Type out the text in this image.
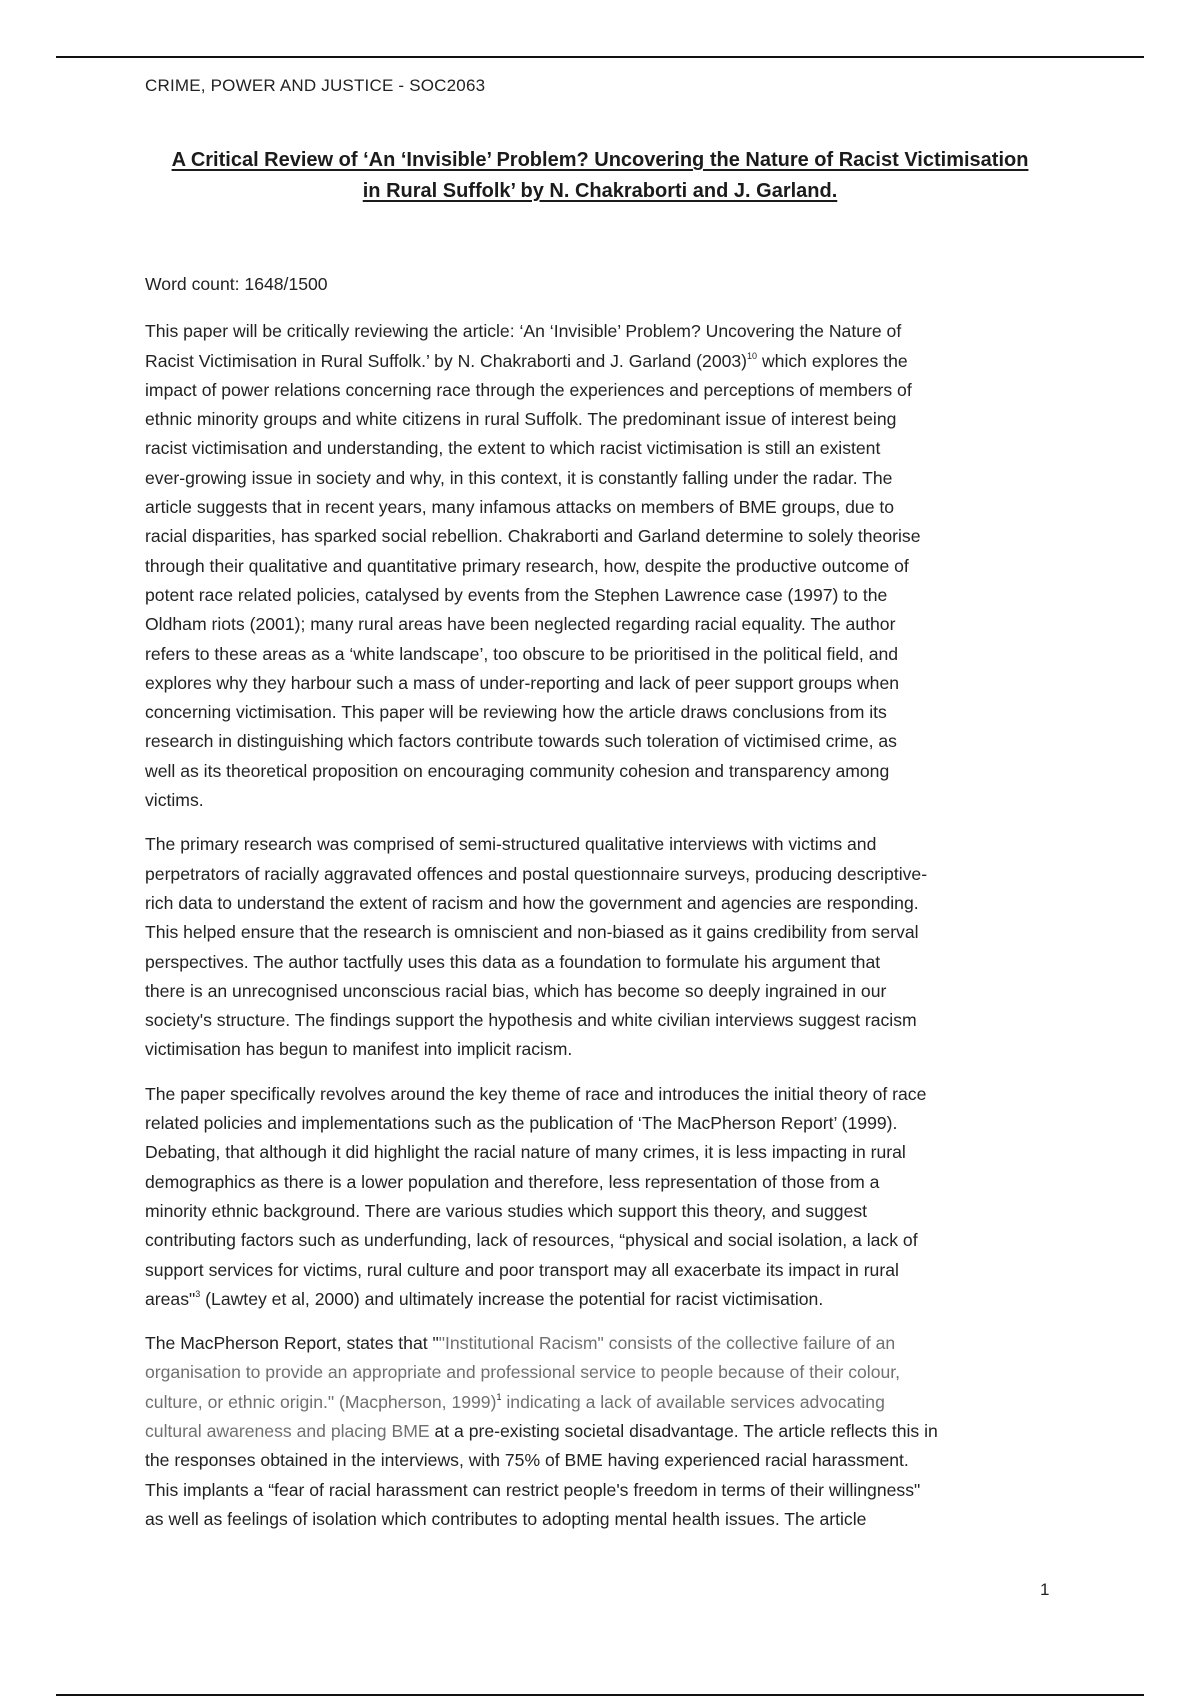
CRIME, POWER AND JUSTICE - SOC2063
A Critical Review of ‘An ‘Invisible’ Problem? Uncovering the Nature of Racist Victimisation
in Rural Suffolk’ by N. Chakraborti and J. Garland.

Word count: 1648/1500

This paper will be critically reviewing the article: ‘An ‘Invisible’ Problem? Uncovering the Nature of
Racist Victimisation in Rural Suffolk.’ by N. Chakraborti and J. Garland $(2003)^{10}$ which explores the
impact of power relations concerning race through the experiences and perceptions of members of
ethnic minority groups and white citizens in rural Suffolk. The predominant issue of interest being
racist victimisation and understanding, the extent to which racist victimisation is still an existent
ever-growing issue in society and why, in this context, it is constantly falling under the radar. The
article suggests that in recent years, many infamous attacks on members of BME groups, due to
racial disparities, has sparked social rebellion. Chakraborti and Garland determine to solely theorise
through their qualitative and quantitative primary research, how, despite the productive outcome of
potent race related policies, catalysed by events from the Stephen Lawrence case (1997) to the
Oldham riots (2001); many rural areas have been neglected regarding racial equality. The author
refers to these areas as a ‘white landscape’, too obscure to be prioritised in the political field, and
explores why they harbour such a mass of under-reporting and lack of peer support groups when
concerning victimisation. This paper will be reviewing how the article draws conclusions from its
research in distinguishing which factors contribute towards such toleration of victimised crime, as
well as its theoretical proposition on encouraging community cohesion and transparency among
victims.

The primary research was comprised of semi-structured qualitative interviews with victims and
perpetrators of racially aggravated offences and postal questionnaire surveys, producing descriptive-
rich data to understand the extent of racism and how the government and agencies are responding.
This helped ensure that the research is omniscient and non-biased as it gains credibility from serval
perspectives. The author tactfully uses this data as a foundation to formulate his argument that
there is an unrecognised unconscious racial bias, which has become so deeply ingrained in our
society's structure. The findings support the hypothesis and white civilian interviews suggest racism
victimisation has begun to manifest into implicit racism.

The paper specifically revolves around the key theme of race and introduces the initial theory of race
related policies and implementations such as the publication of ‘The MacPherson Report’ (1999).
Debating, that although it did highlight the racial nature of many crimes, it is less impacting in rural
demographics as there is a lower population and therefore, less representation of those from a
minority ethnic background. There are various studies which support this theory, and suggest
contributing factors such as underfunding, lack of resources, “physical and social isolation, a lack of
support services for victims, rural culture and poor transport may all exacerbate its impact in rural
areas"$^3$ (Lawtey et al, 2000) and ultimately increase the potential for racist victimisation.

The MacPherson Report, states that ""Institutional Racism" consists of the collective failure of an
organisation to provide an appropriate and professional service to people because of their colour,
culture, or ethnic origin." (Macpherson, 1999)$^1$ indicating a lack of available services advocating
cultural awareness and placing BME at a pre-existing societal disadvantage. The article reflects this in
the responses obtained in the interviews, with 75% of BME having experienced racial harassment.
This implants a “fear of racial harassment can restrict people's freedom in terms of their willingness"
as well as feelings of isolation which contributes to adopting mental health issues. The article

1
